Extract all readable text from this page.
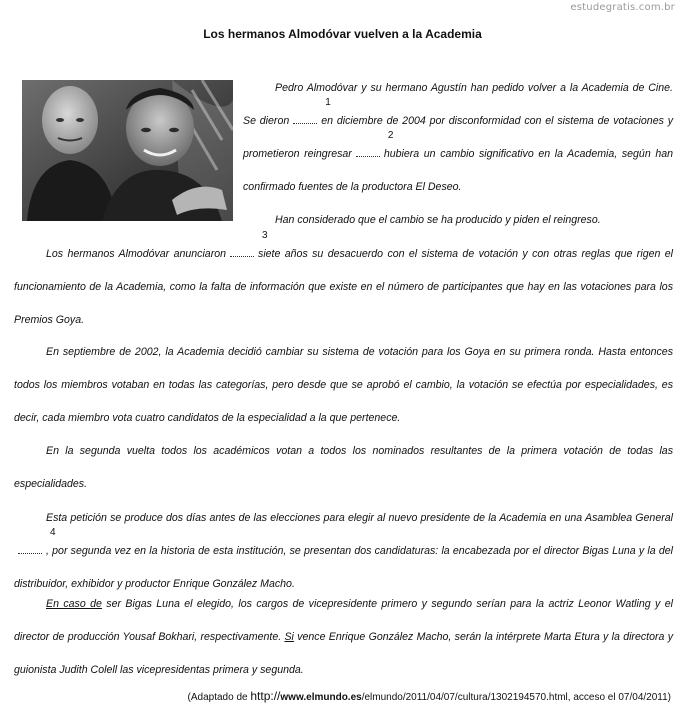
estudegratis.com.br
Los hermanos Almodóvar vuelven a la Academia
Pedro Almodóvar y su hermano Agustín han pedido volver a la Academia de Cine. Se dieron
1
en diciembre de 2004 por disconformidad con el sistema de votaciones y prometieron reingresar
2
hubiera un cambio significativo en la Academia, según han confirmado fuentes de la productora El Deseo.
Han considerado que el cambio se ha producido y piden el reingreso.
Los hermanos Almodóvar anunciaron
3
siete años su desacuerdo con el sistema de votación y con otras reglas que rigen el funcionamiento de la Academia, como la falta de información que existe en el número de participantes que hay en las votaciones para los Premios Goya.
En septiembre de 2002, la Academia decidió cambiar su sistema de votación para los Goya en su primera ronda. Hasta entonces todos los miembros votaban en todas las categorías, pero desde que se aprobó el cambio, la votación se efectúa por especialidades, es decir, cada miembro vota cuatro candidatos de la especialidad a la que pertenece.
En la segunda vuelta todos los académicos votan a todos los nominados resultantes de la primera votación de todas las especialidades.
Esta petición se produce dos días antes de las elecciones para elegir al nuevo presidente de la Academia en una Asamblea General
4
, por segunda vez en la historia de esta institución, se presentan dos candidaturas: la encabezada por el director Bigas Luna y la del distribuidor, exhibidor y productor Enrique González Macho.
En caso de ser Bigas Luna el elegido, los cargos de vicepresidente primero y segundo serían para la actriz Leonor Watling y el director de producción Yousaf Bokhari, respectivamente. Si vence Enrique González Macho, serán la intérprete Marta Etura y la directora y guionista Judith Colell las vicepresidentas primera y segunda.
(Adaptado de http://www.elmundo.es/elmundo/2011/04/07/cultura/1302194570.html, acceso el 07/04/2011)
